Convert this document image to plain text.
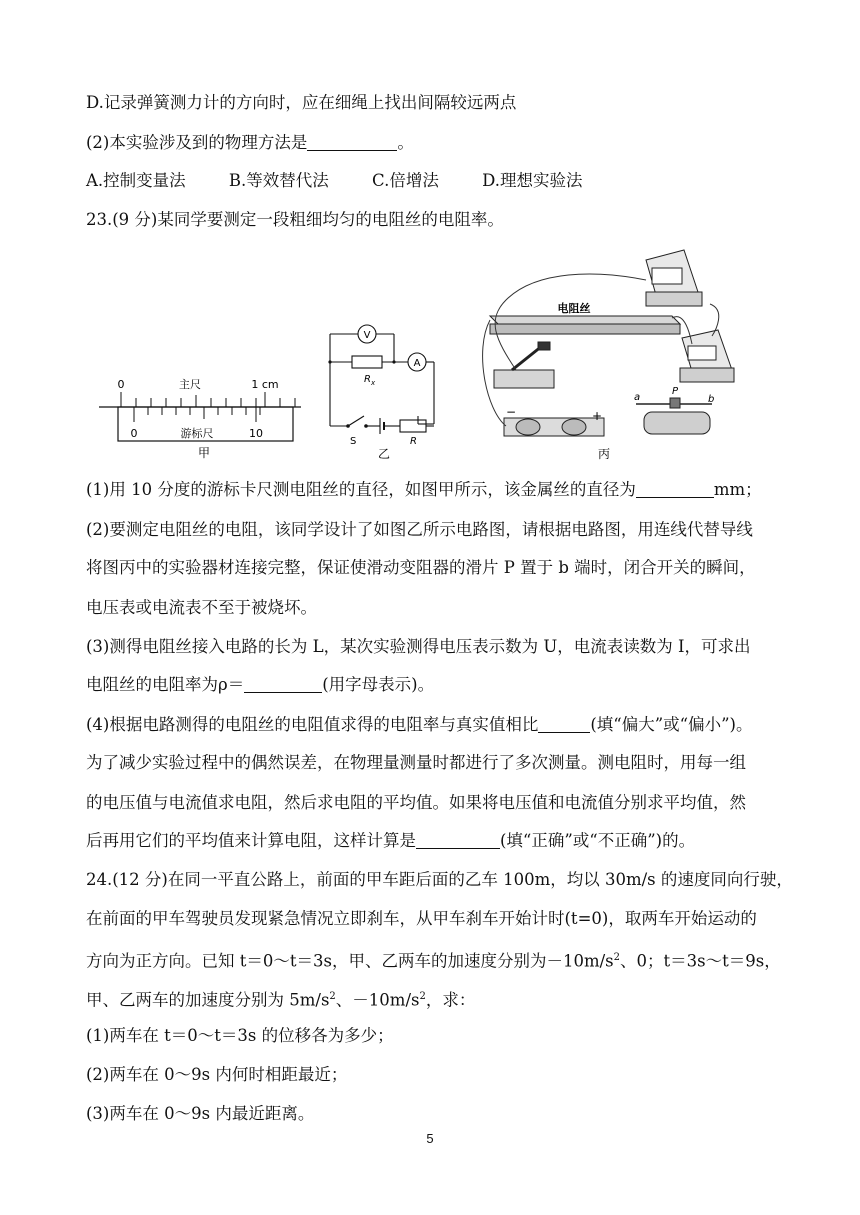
D.记录弹簧测力计的方向时，应在细绳上找出间隔较远两点
(2)本实验涉及到的物理方法是	。
A.控制变量法	B.等效替代法	C.倍增法	D.理想实验法
23.(9 分)某同学要测定一段粗细均匀的电阻丝的电阻率。
0	主尺	1 cm
0	游标尺	10
甲
V
A
$R_x$
S	R
乙
电阻丝
−	+
a
P
b
丙
(1)用 10 分度的游标卡尺测电阻丝的直径，如图甲所示，该金属丝的直径为	mm；
(2)要测定电阻丝的电阻，该同学设计了如图乙所示电路图，请根据电路图，用连线代替导线
将图丙中的实验器材连接完整，保证使滑动变阻器的滑片 P 置于 b 端时，闭合开关的瞬间，
电压表或电流表不至于被烧坏。
(3)测得电阻丝接入电路的长为 L，某次实验测得电压表示数为 U，电流表读数为 I，可求出
电阻丝的电阻率为ρ＝	(用字母表示)。
(4)根据电路测得的电阻丝的电阻值求得的电阻率与真实值相比	(填“偏大”或“偏小”)。
为了减少实验过程中的偶然误差，在物理量测量时都进行了多次测量。测电阻时，用每一组
的电压值与电流值求电阻，然后求电阻的平均值。如果将电压值和电流值分别求平均值，然
后再用它们的平均值来计算电阻，这样计算是	(填“正确”或“不正确”)的。
24.(12 分)在同一平直公路上，前面的甲车距后面的乙车 100m，均以 30m/s 的速度同向行驶，
在前面的甲车驾驶员发现紧急情况立即刹车，从甲车刹车开始计时(t=0)，取两车开始运动的
方向为正方向。已知 t＝0～t＝3s，甲、乙两车的加速度分别为$-10m/s^2$、0；t＝3s～t＝9s，
甲、乙两车的加速度分别为 $5m/s^2$、$-10m/s^2$，求：
(1)两车在 t＝0～t＝3s 的位移各为多少；
(2)两车在 0～9s 内何时相距最近；
(3)两车在 0～9s 内最近距离。
5
